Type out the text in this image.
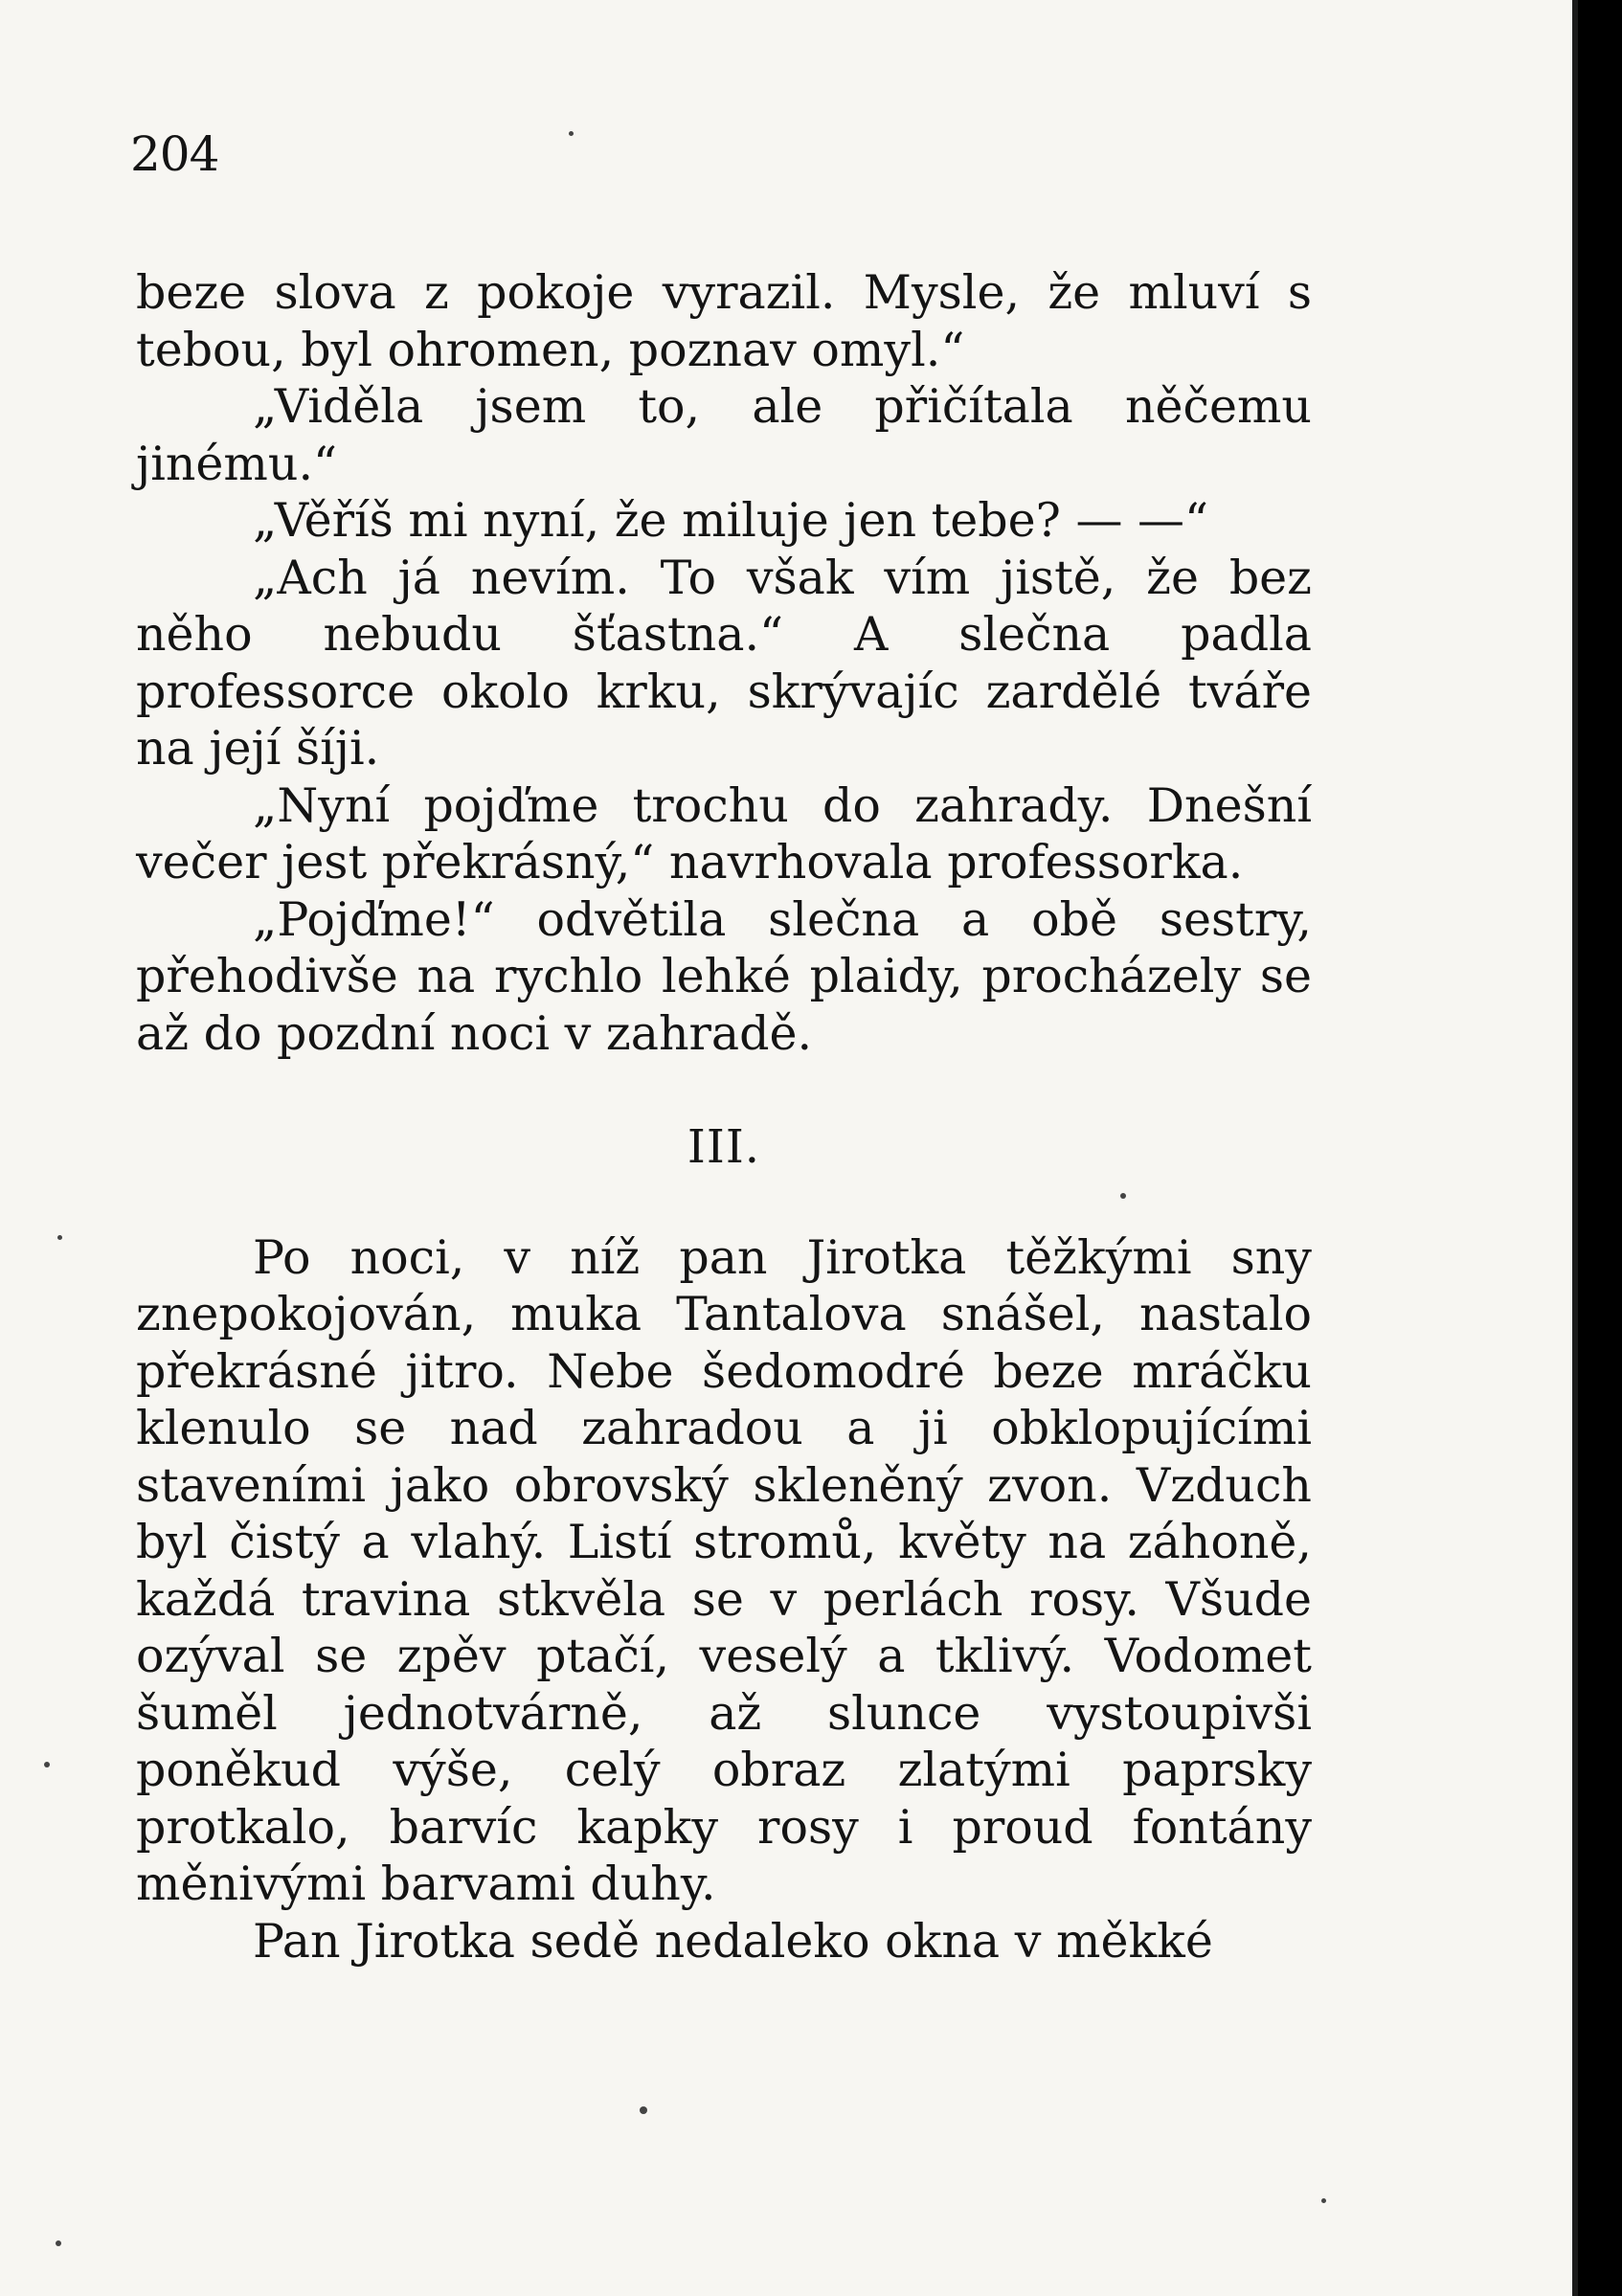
204

beze slova z pokoje vyrazil. Mysle, že mluví s tebou, byl ohromen, poznav omyl.“

„Viděla jsem to, ale přičítala něčemu jinému.“

„Věříš mi nyní, že miluje jen tebe? — —“

„Ach já nevím. To však vím jistě, že bez něho nebudu šťastna.“ A slečna padla professorce okolo krku, skrývajíc zardělé tváře na její šíji.

„Nyní pojďme trochu do zahrady. Dnešní večer jest překrásný,“ navrhovala professorka.

„Pojďme!“ odvětila slečna a obě sestry, přehodivše na rychlo lehké plaidy, procházely se až do pozdní noci v zahradě.

III.

Po noci, v níž pan Jirotka těžkými sny znepokojován, muka Tantalova snášel, nastalo překrásné jitro. Nebe šedomodré beze mráčku klenulo se nad zahradou a ji obklopujícími staveními jako obrovský skleněný zvon. Vzduch byl čistý a vlahý. Listí stromů, květy na záhoně, každá travina stkvěla se v perlách rosy. Všude ozýval se zpěv ptačí, veselý a tklivý. Vodomet šuměl jednotvárně, až slunce vystoupivši poněkud výše, celý obraz zlatými paprsky protkalo, barvíc kapky rosy i proud fontány měnivými barvami duhy.

Pan Jirotka sedě nedaleko okna v měkké
